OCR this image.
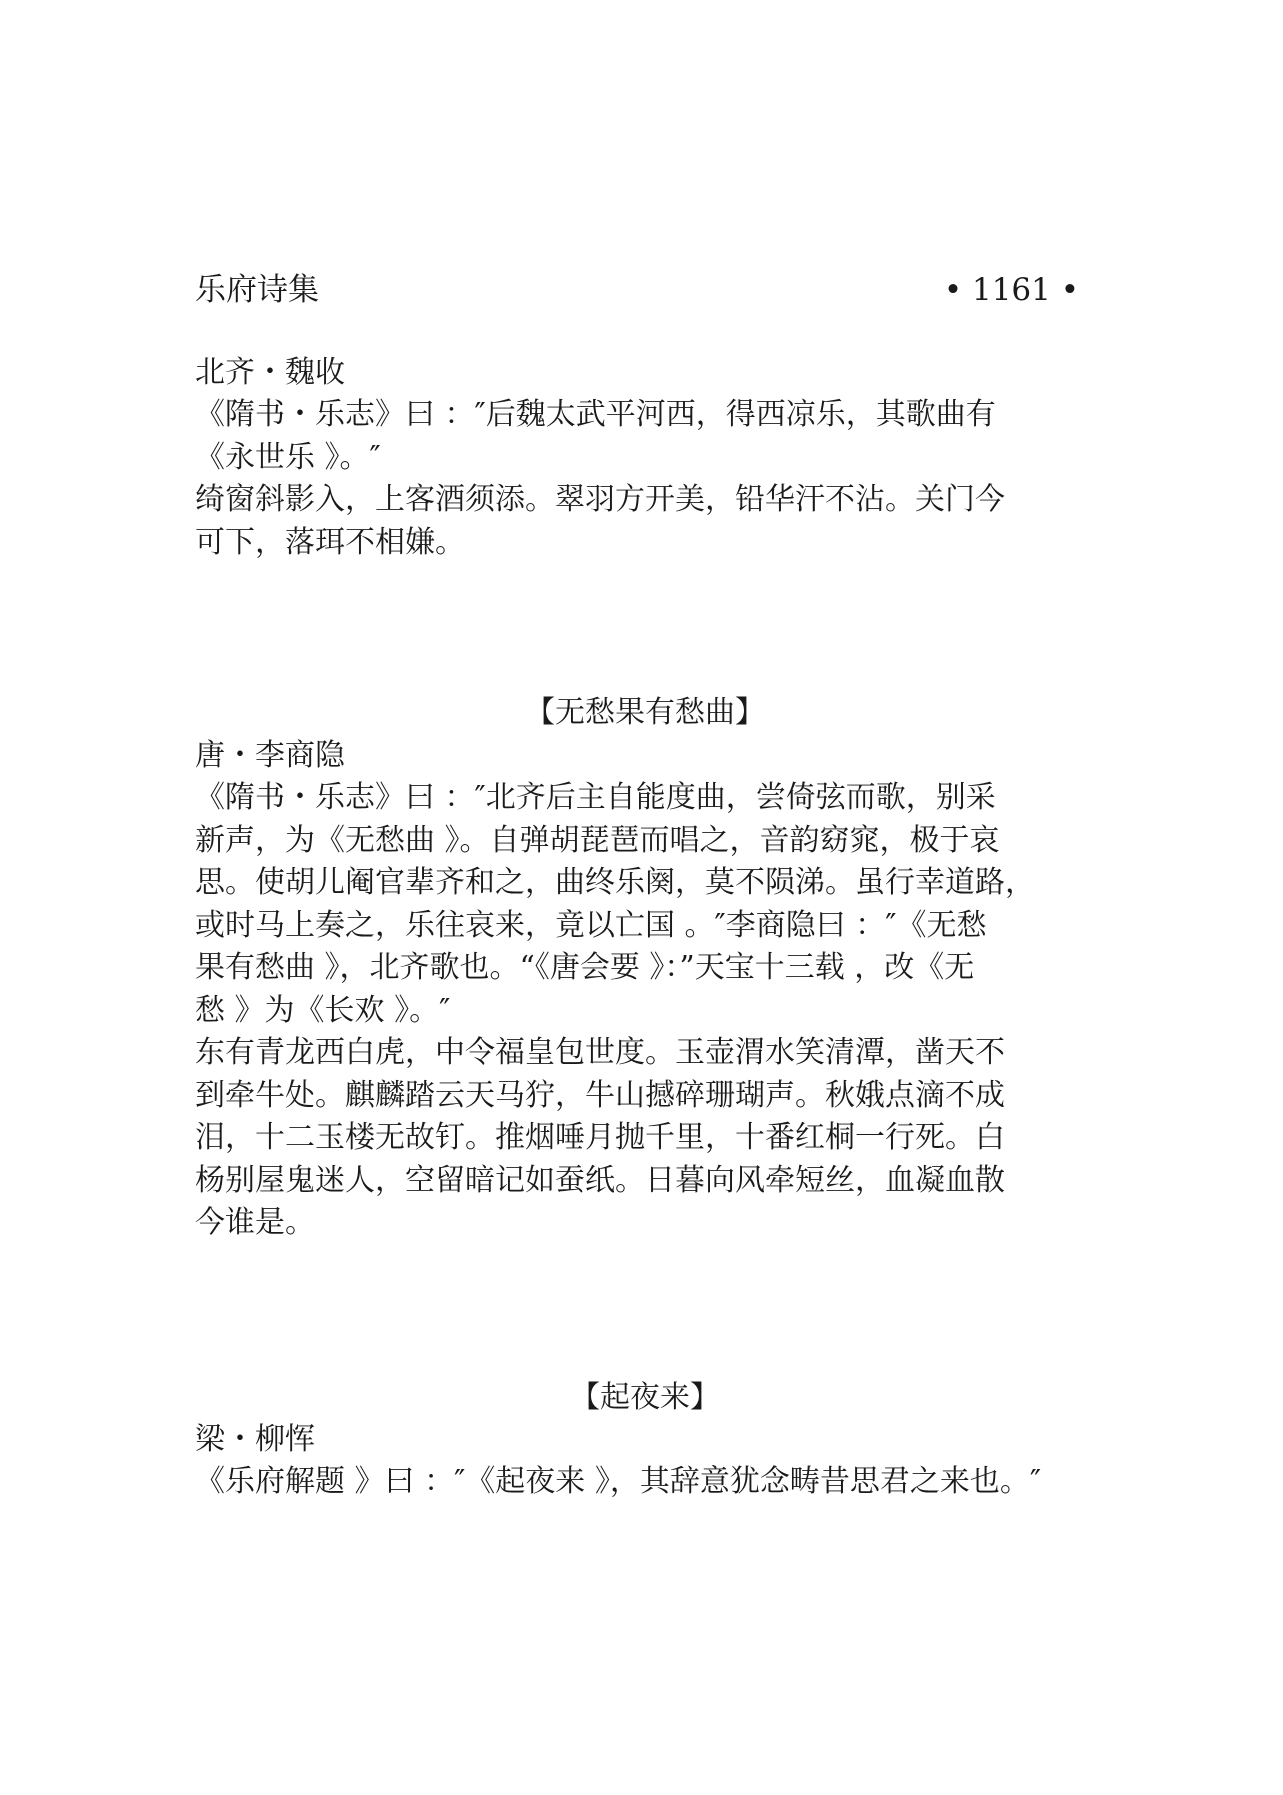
乐府诗集	• 1161 •
北齐・魏收
《隋书・乐志》曰 ：″后魏太武平河西，得西凉乐，其歌曲有
《永世乐 》。″
绮窗斜影入，上客酒须添。翠羽方开美，铅华汗不沾。关门今
可下，落珥不相嫌。
【无愁果有愁曲】
唐・李商隐
《隋书・乐志》曰 ：″北齐后主自能度曲，尝倚弦而歌，别采
新声，为《无愁曲 》。自弹胡琵琶而唱之，音韵窈窕，极于哀
思。使胡儿阉官辈齐和之，曲终乐阕，莫不陨涕。虽行幸道路，
或时马上奏之，乐往哀来，竟以亡国 。″李商隐曰 ：″《无愁
果有愁曲 》，北齐歌也。“《唐会要 》：”天宝十三载 ，改《无
愁 》为《长欢 》。″
东有青龙西白虎，中令福皇包世度。玉壶渭水笑清潭，凿天不
到牵牛处。麒麟踏云天马狞，牛山撼碎珊瑚声。秋娥点滴不成
泪，十二玉楼无故钉。推烟唾月抛千里，十番红桐一行死。白
杨别屋鬼迷人，空留暗记如蚕纸。日暮向风牵短丝，血凝血散
今谁是。
【起夜来】
梁・柳恽
《乐府解题 》曰 ：″《起夜来 》，其辞意犹念畴昔思君之来也。″
